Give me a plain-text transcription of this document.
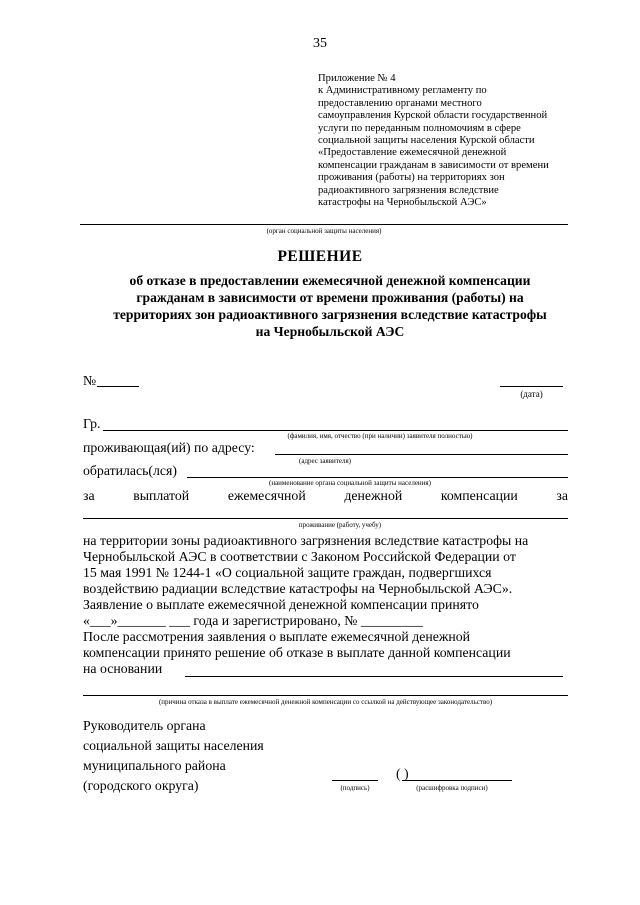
35
Приложение № 4
к Административному регламенту по
предоставлению органами местного
самоуправления Курской области государственной
услуги по переданным полномочиям в сфере
социальной защиты населения Курской области
«Предоставление ежемесячной денежной
компенсации гражданам в зависимости от времени
проживания (работы) на территориях зон
радиоактивного загрязнения вследствие
катастрофы на Чернобыльской АЭС»
(орган социальной защиты населения)
РЕШЕНИЕ
об отказе в предоставлении ежемесячной денежной компенсации
гражданам в зависимости от времени проживания (работы) на
территориях зон радиоактивного загрязнения вследствие катастрофы
на Чернобыльской АЭС
№
(дата)
Гр.
(фамилия, имя, отчество (при наличии) заявителя полностью)
проживающая(ий) по адресу:
(адрес заявителя)
обратилась(лся)
(наименование органа социальной защиты населения)
за	выплатой	ежемесячной	денежной	компенсации	за
проживание (работу, учебу)
на территории зоны радиоактивного загрязнения вследствие катастрофы на
Чернобыльской АЭС в соответствии с Законом Российской Федерации от
15 мая 1991 № 1244-1 «О социальной защите граждан, подвергшихся
воздействию радиации вследствие катастрофы на Чернобыльской АЭС».
Заявление о выплате ежемесячной денежной компенсации принято
«___»_______ ___ года и зарегистрировано, № _________
После рассмотрения заявления о выплате ежемесячной денежной
компенсации принято решение об отказе в выплате данной компенсации
на основании
(причина отказа в выплате ежемесячной денежной компенсации со ссылкой на действующее законодательство)
Руководитель органа
социальной защиты населения
муниципального района
(городского округа)	(подпись)
( )
(расшифровка подписи)
